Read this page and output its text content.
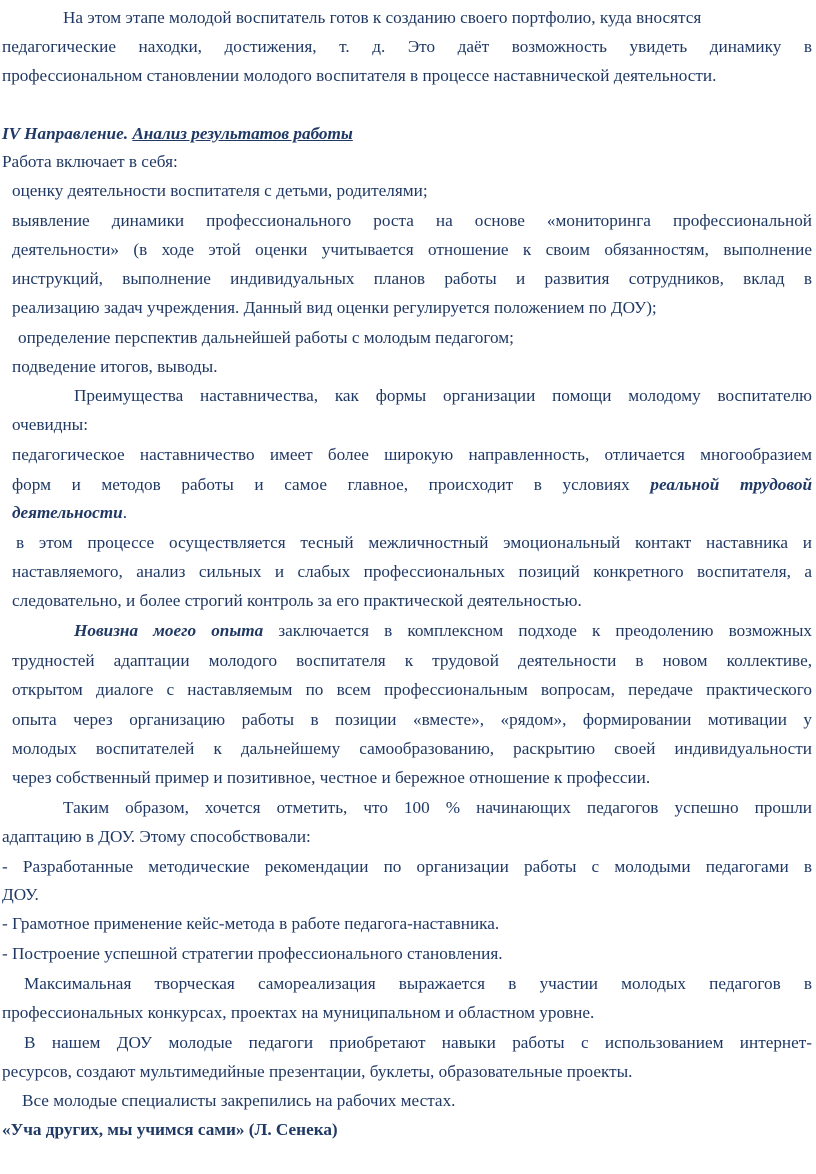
На этом этапе молодой воспитатель готов к созданию своего портфолио, куда вносятся
педагогические находки, достижения, т. д. Это даёт возможность увидеть динамику в
профессиональном становлении молодого воспитателя в процессе наставнической деятельности.
IV Направление. Анализ результатов работы
Работа включает в себя:
оценку деятельности воспитателя с детьми, родителями;
выявление динамики профессионального роста на основе «мониторинга профессиональной
деятельности» (в ходе этой оценки учитывается отношение к своим обязанностям, выполнение
инструкций, выполнение индивидуальных планов работы и развития сотрудников, вклад в
реализацию задач учреждения. Данный вид оценки регулируется положением по ДОУ);
определение перспектив дальнейшей работы с молодым педагогом;
подведение итогов, выводы.
Преимущества наставничества, как формы организации помощи молодому воспитателю
очевидны:
педагогическое наставничество имеет более широкую направленность, отличается многообразием
форм и методов работы и самое главное, происходит в условиях реальной трудовой
деятельности.
в этом процессе осуществляется тесный межличностный эмоциональный контакт наставника и
наставляемого, анализ сильных и слабых профессиональных позиций конкретного воспитателя, а
следовательно, и более строгий контроль за его практической деятельностью.
Новизна моего опыта заключается в комплексном подходе к преодолению возможных
трудностей адаптации молодого воспитателя к трудовой деятельности в новом коллективе,
открытом диалоге с наставляемым по всем профессиональным вопросам, передаче практического
опыта через организацию работы в позиции «вместе», «рядом», формировании мотивации у
молодых воспитателей к дальнейшему самообразованию, раскрытию своей индивидуальности
через собственный пример и позитивное, честное и бережное отношение к профессии.
Таким образом, хочется отметить, что 100 % начинающих педагогов успешно прошли
адаптацию в ДОУ. Этому способствовали:
- Разработанные методические рекомендации по организации работы с молодыми педагогами в
ДОУ.
- Грамотное применение кейс-метода в работе педагога-наставника.
- Построение успешной стратегии профессионального становления.
Максимальная творческая самореализация выражается в участии молодых педагогов в
профессиональных конкурсах, проектах на муниципальном и областном уровне.
В нашем ДОУ молодые педагоги приобретают навыки работы с использованием интернет-
ресурсов, создают мультимедийные презентации, буклеты, образовательные проекты.
Все молодые специалисты закрепились на рабочих местах.
«Уча других, мы учимся сами» (Л. Сенека)
